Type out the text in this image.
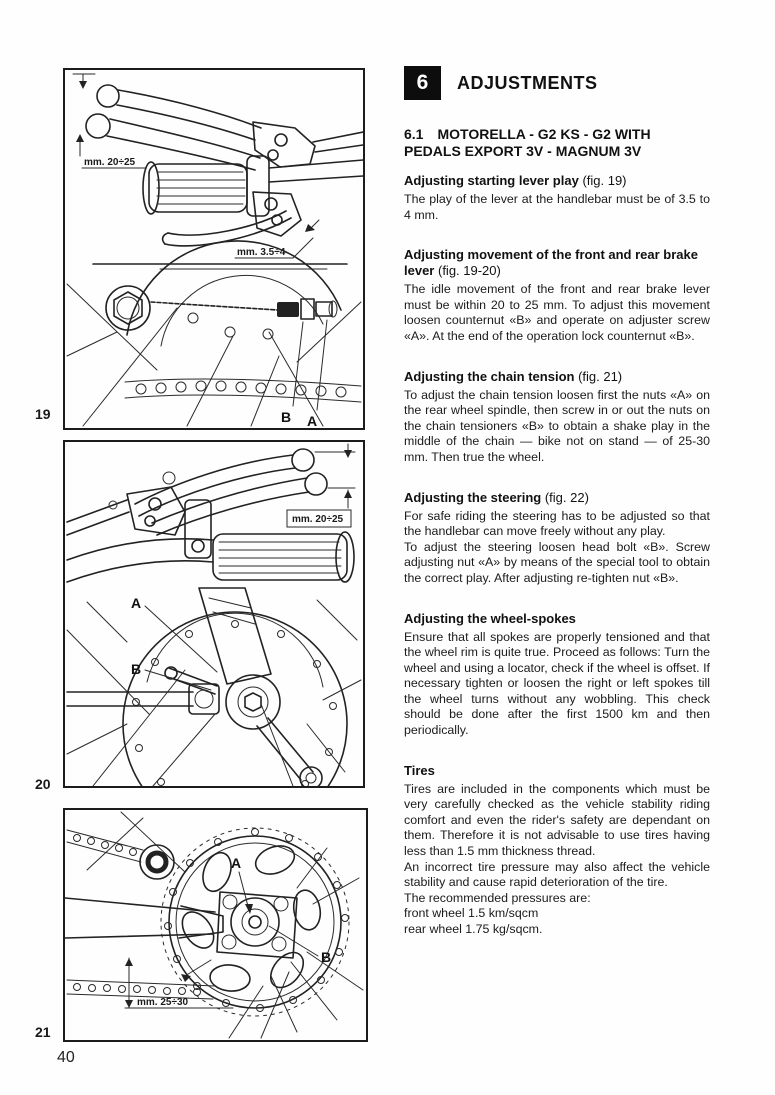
mm. 20÷25
mm. 3.5÷4
B A
19
mm. 20÷25
A
B
20
mm. 25÷30
A
B
21
40
6	ADJUSTMENTS
6.1 MOTORELLA - G2 KS - G2 WITH PEDALS EXPORT 3V - MAGNUM 3V
Adjusting starting lever play (fig. 19)

The play of the lever at the handlebar must be of 3.5 to 4 mm.

Adjusting movement of the front and rear brake lever (fig. 19-20)

The idle movement of the front and rear brake lever must be within 20 to 25 mm. To adjust this movement loosen counternut «B» and operate on adjuster screw «A». At the end of the operation lock counternut «B».

Adjusting the chain tension (fig. 21)

To adjust the chain tension loosen first the nuts «A» on the rear wheel spindle, then screw in or out the nuts on the chain tensioners «B» to obtain a shake play in the middle of the chain — bike not on stand — of 25-30 mm. Then true the wheel.

Adjusting the steering (fig. 22)

For safe riding the steering has to be adjusted so that the handlebar can move freely without any play.

To adjust the steering loosen head bolt «B». Screw adjusting nut «A» by means of the special tool to obtain the correct play. After adjusting re-tighten nut «B».

Adjusting the wheel-spokes

Ensure that all spokes are properly tensioned and that the wheel rim is quite true. Proceed as follows: Turn the wheel and using a locator, check if the wheel is offset. If necessary tighten or loosen the right or left spokes till the wheel turns without any wobbling. This check should be done after the first 1500 km and then periodically.

Tires

Tires are included in the components which must be very carefully checked as the vehicle stability riding comfort and even the rider's safety are dependant on them. Therefore it is not advisable to use tires having less than 1.5 mm thickness thread.

An incorrect tire pressure may also affect the vehicle stability and cause rapid deterioration of the tire.

The recommended pressures are:

front wheel 1.5 km/sqcm

rear wheel 1.75 kg/sqcm.
